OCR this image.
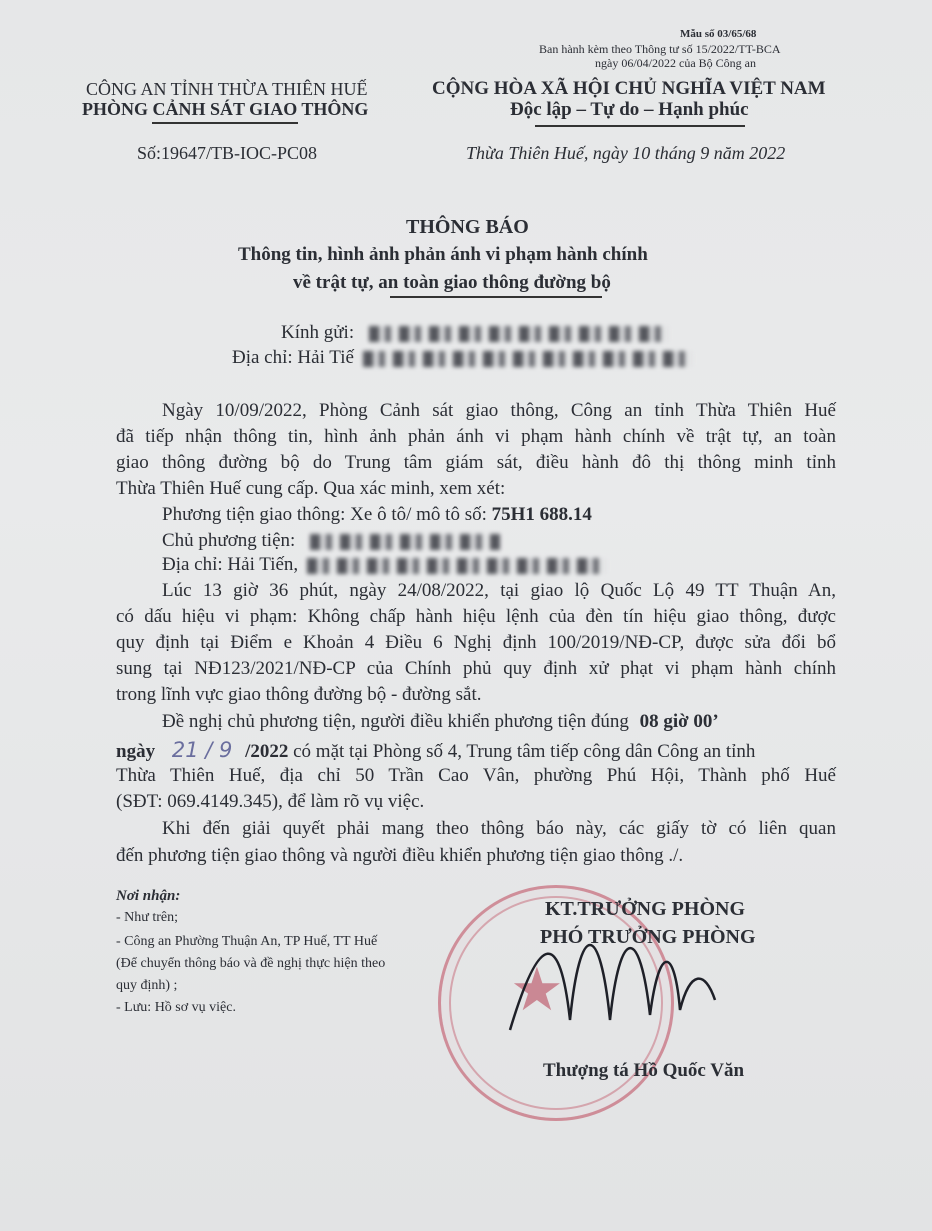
Mẫu số 03/65/68
Ban hành kèm theo Thông tư số 15/2022/TT-BCA
ngày 06/04/2022 của Bộ Công an
CÔNG AN TỈNH THỪA THIÊN HUẾ
PHÒNG CẢNH SÁT GIAO THÔNG
Số:19647/TB-IOC-PC08
CỘNG HÒA XÃ HỘI CHỦ NGHĨA VIỆT NAM
Độc lập – Tự do – Hạnh phúc
Thừa Thiên Huế, ngày 10 tháng 9 năm 2022
THÔNG BÁO
Thông tin, hình ảnh phản ánh vi phạm hành chính
về trật tự, an toàn giao thông đường bộ
Kính gửi:
Địa chỉ: Hải Tiế
Ngày 10/09/2022, Phòng Cảnh sát giao thông, Công an tỉnh Thừa Thiên Huế
đã tiếp nhận thông tin, hình ảnh phản ánh vi phạm hành chính về trật tự, an toàn
giao thông đường bộ do Trung tâm giám sát, điều hành đô thị thông minh tỉnh
Thừa Thiên Huế cung cấp. Qua xác minh, xem xét:
Phương tiện giao thông: Xe ô tô/ mô tô số: 75H1 688.14
Chủ phương tiện:
Địa chỉ: Hải Tiến,
Lúc 13 giờ 36 phút, ngày 24/08/2022, tại giao lộ Quốc Lộ 49 TT Thuận An,
có dấu hiệu vi phạm: Không chấp hành hiệu lệnh của đèn tín hiệu giao thông, được
quy định tại Điểm e Khoản 4 Điều 6 Nghị định 100/2019/NĐ-CP, được sửa đổi bổ
sung tại NĐ123/2021/NĐ-CP của Chính phủ quy định xử phạt vi phạm hành chính
trong lĩnh vực giao thông đường bộ - đường sắt.
Đề nghị chủ phương tiện, người điều khiển phương tiện đúng 08 giờ 00’
ngày 21 / 9 /2022 có mặt tại Phòng số 4, Trung tâm tiếp công dân Công an tỉnh
Thừa Thiên Huế, địa chỉ 50 Trần Cao Vân, phường Phú Hội, Thành phố Huế
(SĐT: 069.4149.345), để làm rõ vụ việc.
Khi đến giải quyết phải mang theo thông báo này, các giấy tờ có liên quan
đến phương tiện giao thông và người điều khiển phương tiện giao thông ./.
Nơi nhận:
- Như trên;
- Công an Phường Thuận An, TP Huế, TT Huế
(Để chuyển thông báo và đề nghị thực hiện theo
quy định) ;
- Lưu: Hồ sơ vụ việc.	★
KT.TRƯỞNG PHÒNG
PHÓ TRƯỞNG PHÒNG
Thượng tá Hồ Quốc Văn
